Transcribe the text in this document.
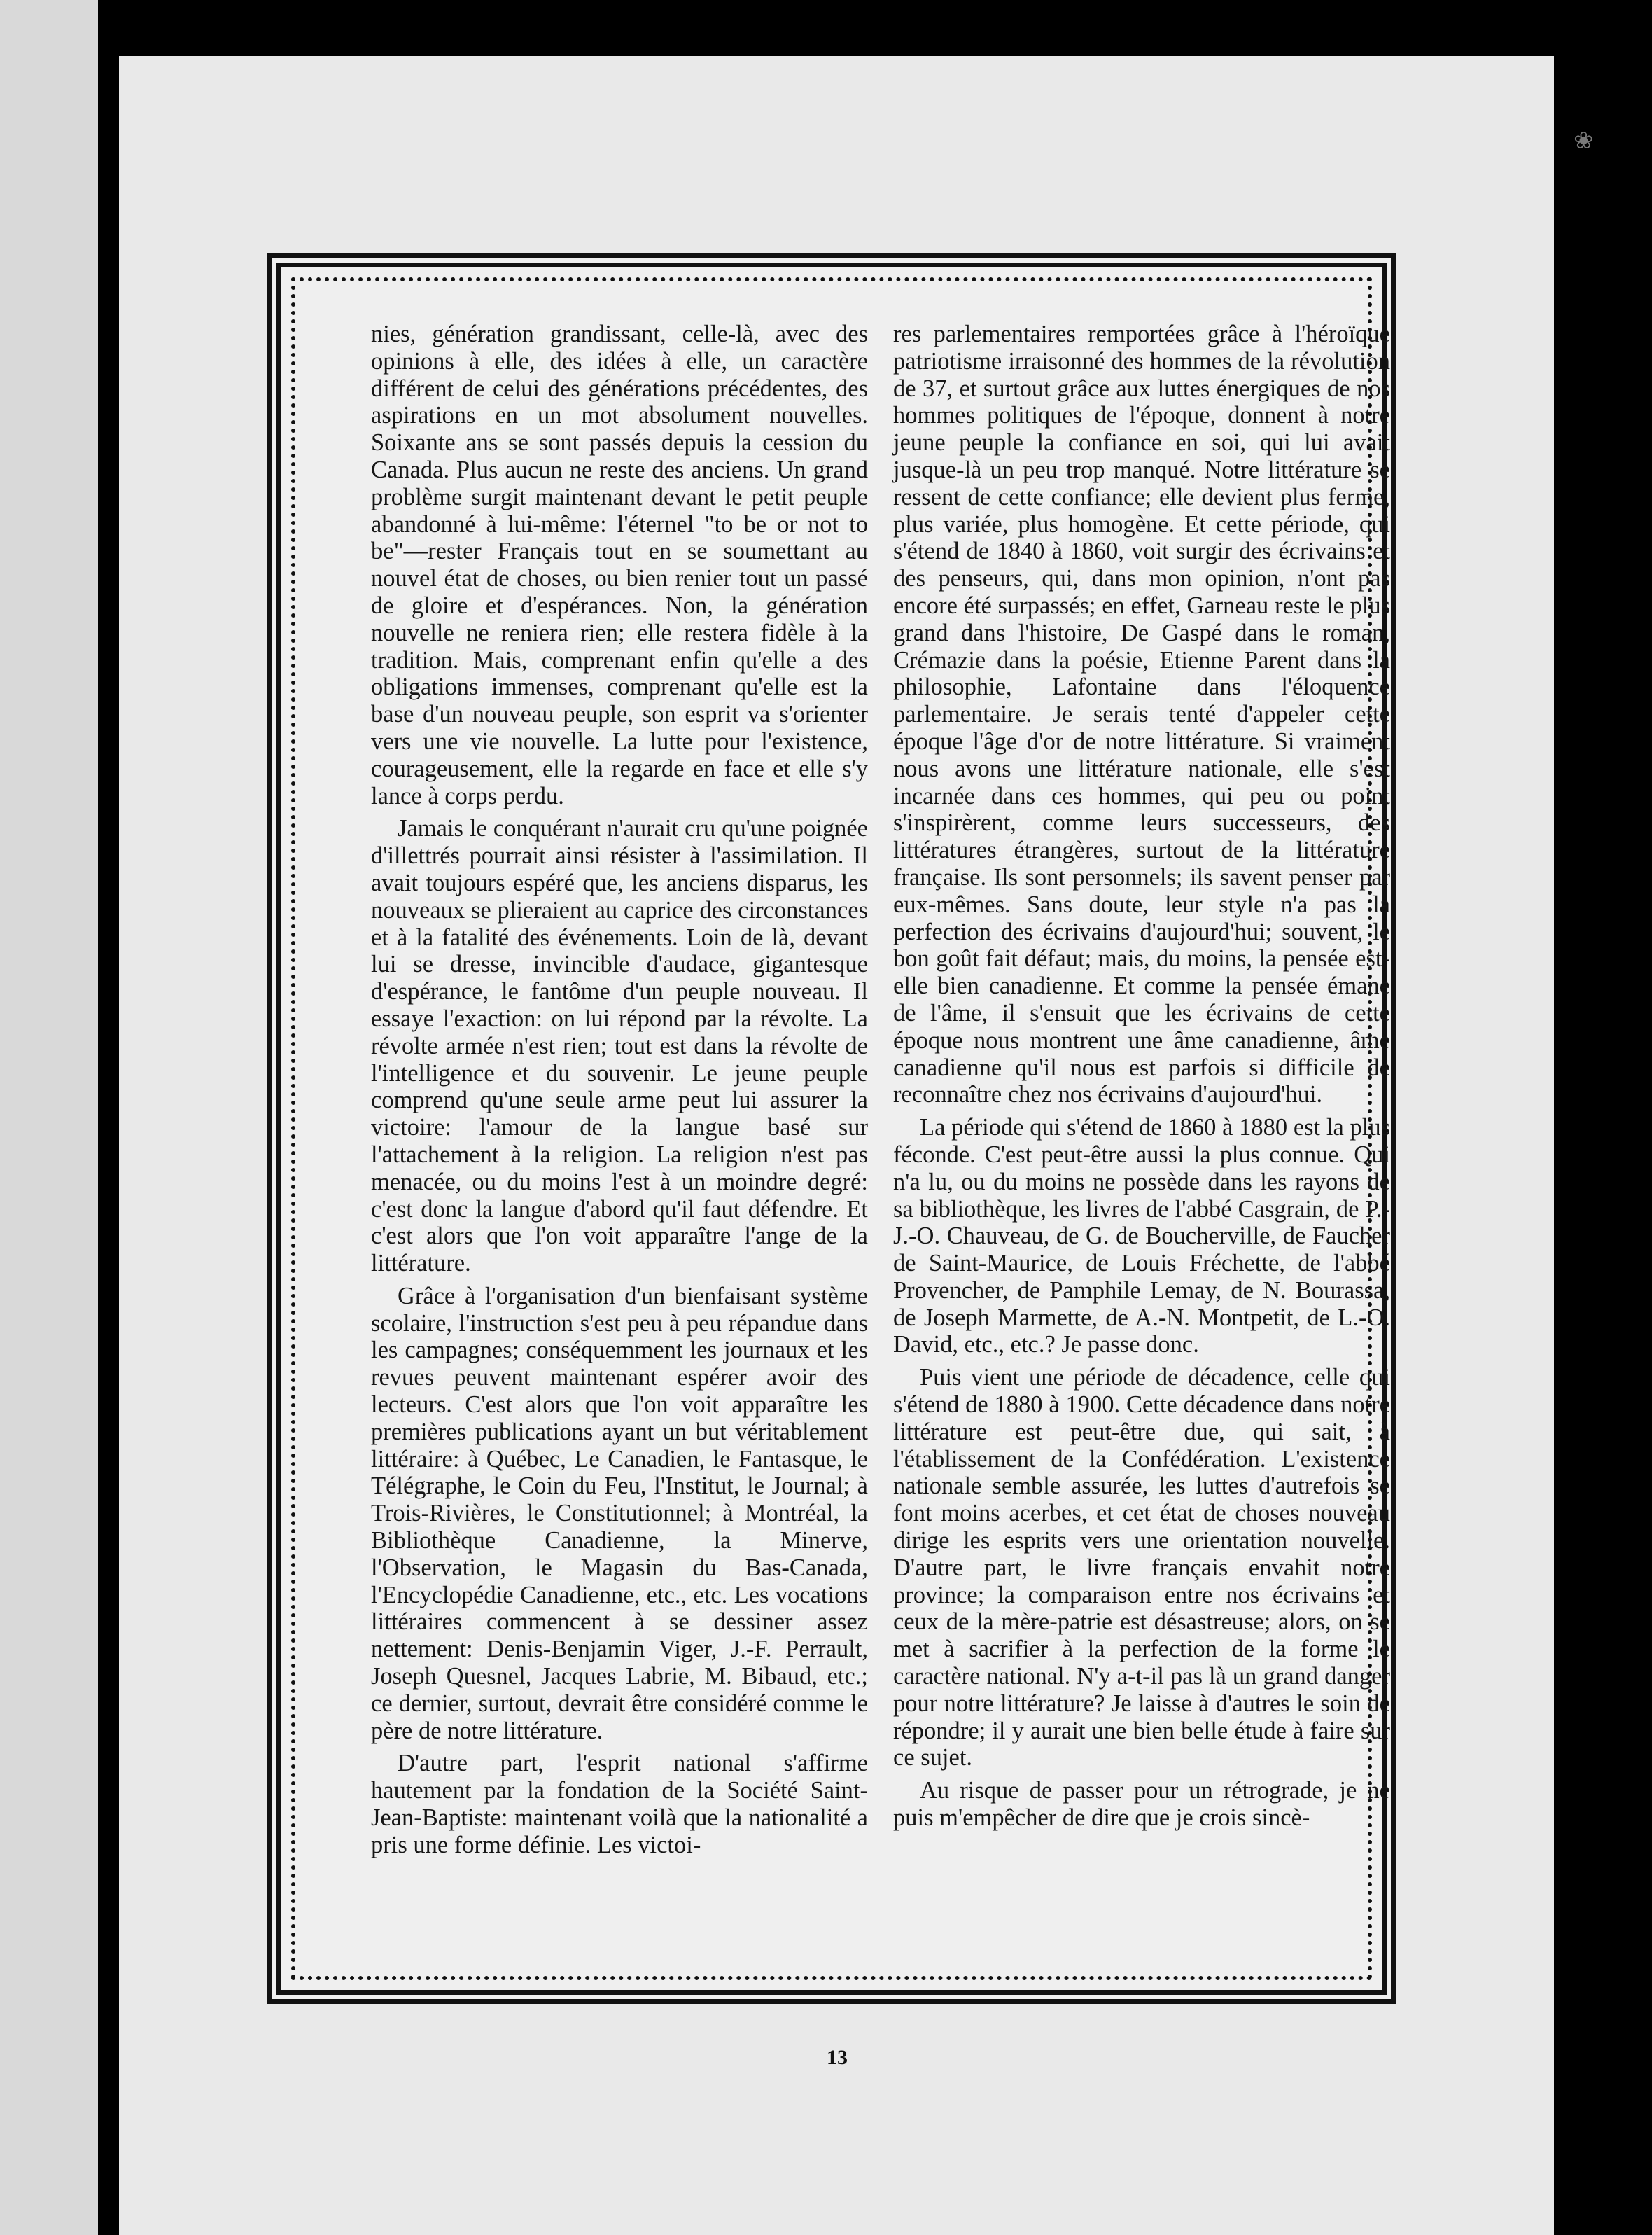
❀

nies, génération grandissant, celle-là, avec des opinions à elle, des idées à elle, un caractère différent de celui des générations précédentes, des aspirations en un mot absolument nouvelles. Soixante ans se sont passés depuis la cession du Canada. Plus aucun ne reste des anciens. Un grand problème surgit maintenant devant le petit peuple abandonné à lui-même: l'éternel "to be or not to be"—rester Français tout en se soumettant au nouvel état de choses, ou bien renier tout un passé de gloire et d'espérances. Non, la génération nouvelle ne reniera rien; elle restera fidèle à la tradition. Mais, comprenant enfin qu'elle a des obligations immenses, comprenant qu'elle est la base d'un nouveau peuple, son esprit va s'orienter vers une vie nouvelle. La lutte pour l'existence, courageusement, elle la regarde en face et elle s'y lance à corps perdu.

Jamais le conquérant n'aurait cru qu'une poignée d'illettrés pourrait ainsi résister à l'assimilation. Il avait toujours espéré que, les anciens disparus, les nouveaux se plieraient au caprice des circonstances et à la fatalité des événements. Loin de là, devant lui se dresse, invincible d'audace, gigantesque d'espérance, le fantôme d'un peuple nouveau. Il essaye l'exaction: on lui répond par la révolte. La révolte armée n'est rien; tout est dans la révolte de l'intelligence et du souvenir. Le jeune peuple comprend qu'une seule arme peut lui assurer la victoire: l'amour de la langue basé sur l'attachement à la religion. La religion n'est pas menacée, ou du moins l'est à un moindre degré: c'est donc la langue d'abord qu'il faut défendre. Et c'est alors que l'on voit apparaître l'ange de la littérature.

Grâce à l'organisation d'un bienfaisant système scolaire, l'instruction s'est peu à peu répandue dans les campagnes; conséquemment les journaux et les revues peuvent maintenant espérer avoir des lecteurs. C'est alors que l'on voit apparaître les premières publications ayant un but véritablement littéraire: à Québec, Le Canadien, le Fantasque, le Télégraphe, le Coin du Feu, l'Institut, le Journal; à Trois-Rivières, le Constitutionnel; à Montréal, la Bibliothèque Canadienne, la Minerve, l'Observation, le Magasin du Bas-Canada, l'Encyclopédie Canadienne, etc., etc. Les vocations littéraires commencent à se dessiner assez nettement: Denis-Benjamin Viger, J.-F. Perrault, Joseph Quesnel, Jacques Labrie, M. Bibaud, etc.; ce dernier, surtout, devrait être considéré comme le père de notre littérature.

D'autre part, l'esprit national s'affirme hautement par la fondation de la Société Saint-Jean-Baptiste: maintenant voilà que la nationalité a pris une forme définie. Les victoi-

res parlementaires remportées grâce à l'héroïque patriotisme irraisonné des hommes de la révolution de 37, et surtout grâce aux luttes énergiques de nos hommes politiques de l'époque, donnent à notre jeune peuple la confiance en soi, qui lui avait jusque-là un peu trop manqué. Notre littérature se ressent de cette confiance; elle devient plus ferme, plus variée, plus homogène. Et cette période, qui s'étend de 1840 à 1860, voit surgir des écrivains et des penseurs, qui, dans mon opinion, n'ont pas encore été surpassés; en effet, Garneau reste le plus grand dans l'histoire, De Gaspé dans le roman, Crémazie dans la poésie, Etienne Parent dans la philosophie, Lafontaine dans l'éloquence parlementaire. Je serais tenté d'appeler cette époque l'âge d'or de notre littérature. Si vraiment nous avons une littérature nationale, elle s'est incarnée dans ces hommes, qui peu ou point s'inspirèrent, comme leurs successeurs, des littératures étrangères, surtout de la littérature française. Ils sont personnels; ils savent penser par eux-mêmes. Sans doute, leur style n'a pas la perfection des écrivains d'aujourd'hui; souvent, le bon goût fait défaut; mais, du moins, la pensée est-elle bien canadienne. Et comme la pensée émane de l'âme, il s'ensuit que les écrivains de cette époque nous montrent une âme canadienne, âme canadienne qu'il nous est parfois si difficile de reconnaître chez nos écrivains d'aujourd'hui.

La période qui s'étend de 1860 à 1880 est la plus féconde. C'est peut-être aussi la plus connue. Qui n'a lu, ou du moins ne possède dans les rayons de sa bibliothèque, les livres de l'abbé Casgrain, de P.-J.-O. Chauveau, de G. de Boucherville, de Faucher de Saint-Maurice, de Louis Fréchette, de l'abbé Provencher, de Pamphile Lemay, de N. Bourassa, de Joseph Marmette, de A.-N. Montpetit, de L.-O. David, etc., etc.? Je passe donc.

Puis vient une période de décadence, celle qui s'étend de 1880 à 1900. Cette décadence dans notre littérature est peut-être due, qui sait, à l'établissement de la Confédération. L'existence nationale semble assurée, les luttes d'autrefois se font moins acerbes, et cet état de choses nouveau dirige les esprits vers une orientation nouvelle. D'autre part, le livre français envahit notre province; la comparaison entre nos écrivains et ceux de la mère-patrie est désastreuse; alors, on se met à sacrifier à la perfection de la forme le caractère national. N'y a-t-il pas là un grand danger pour notre littérature? Je laisse à d'autres le soin de répondre; il y aurait une bien belle étude à faire sur ce sujet.

Au risque de passer pour un rétrograde, je ne puis m'empêcher de dire que je crois sincè-

13
